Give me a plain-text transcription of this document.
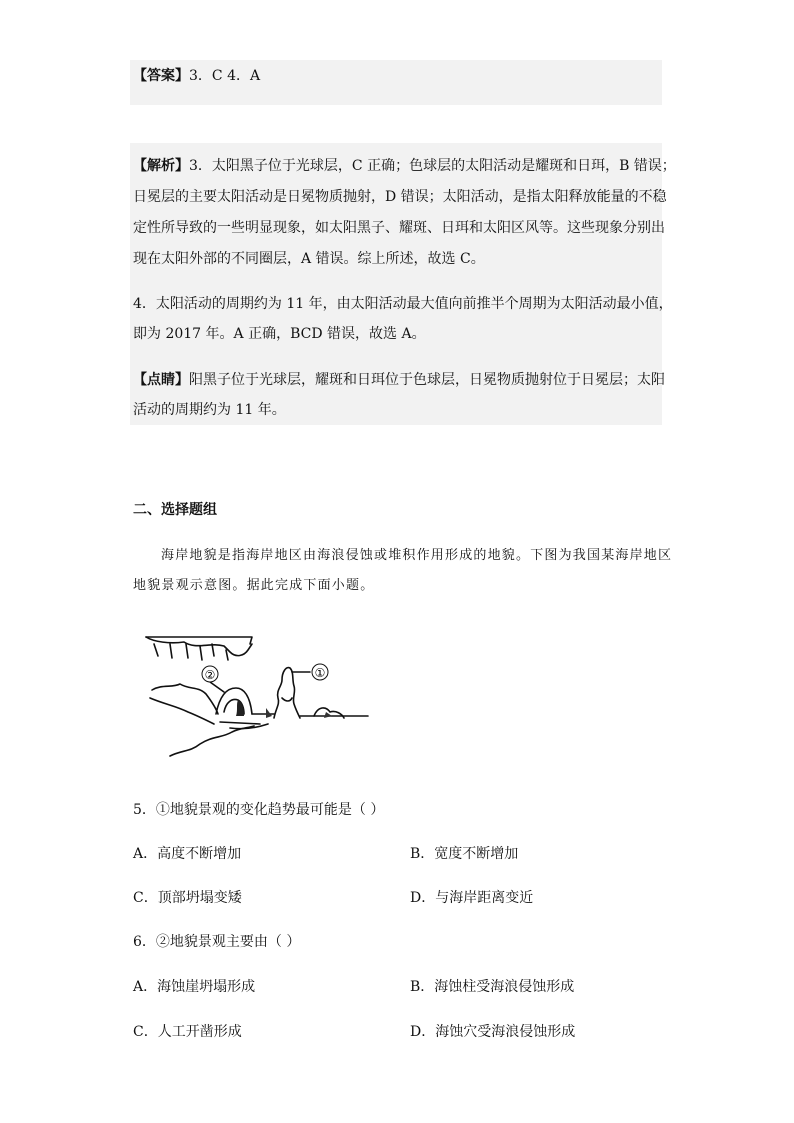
【答案】3．C 4．A
【解析】3．太阳黑子位于光球层，C 正确；色球层的太阳活动是耀斑和日珥，B 错误；
日冕层的主要太阳活动是日冕物质抛射，D 错误；太阳活动，是指太阳释放能量的不稳
定性所导致的一些明显现象，如太阳黑子、耀斑、日珥和太阳区风等。这些现象分别出
现在太阳外部的不同圈层，A 错误。综上所述，故选 C。
4．太阳活动的周期约为 11 年，由太阳活动最大值向前推半个周期为太阳活动最小值，
即为 2017 年。A 正确，BCD 错误，故选 A。
【点睛】阳黑子位于光球层，耀斑和日珥位于色球层，日冕物质抛射位于日冕层；太阳
活动的周期约为 11 年。
二、选择题组
海岸地貌是指海岸地区由海浪侵蚀或堆积作用形成的地貌。下图为我国某海岸地区
地貌景观示意图。据此完成下面小题。
①
②
5．①地貌景观的变化趋势最可能是（ ）
A．高度不断增加	B．宽度不断增加
C．顶部坍塌变矮	D．与海岸距离变近
6．②地貌景观主要由（ ）
A．海蚀崖坍塌形成	B．海蚀柱受海浪侵蚀形成
C．人工开凿形成	D．海蚀穴受海浪侵蚀形成
